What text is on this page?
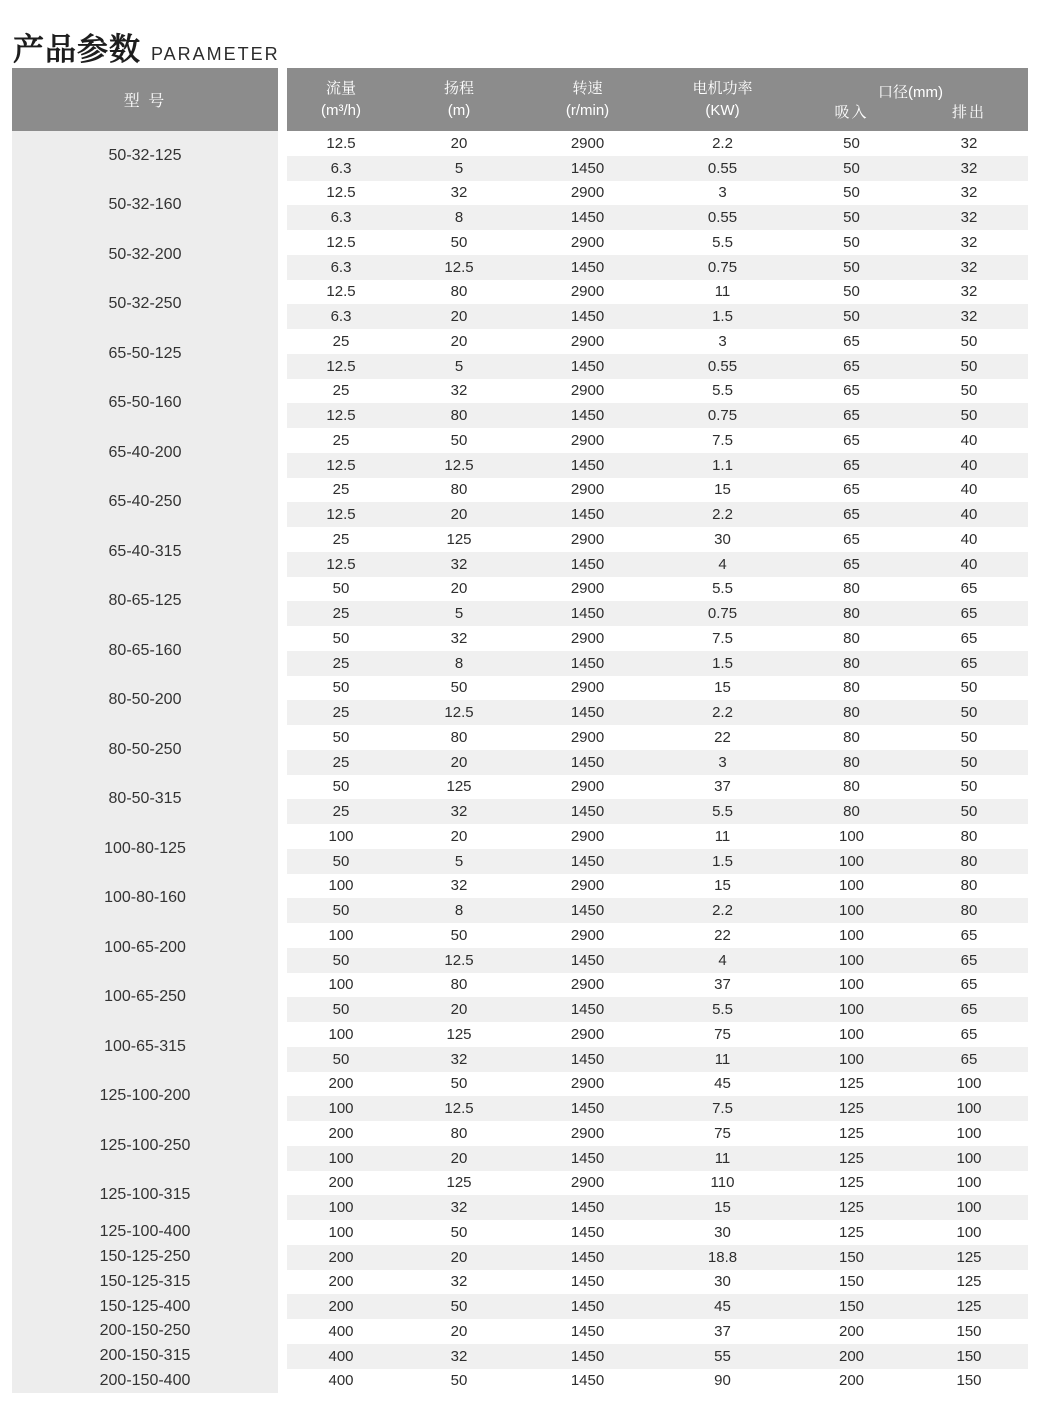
产品参数 PARAMETER
型 号
流量
(m³/h)
扬程
(m)
转速
(r/min)
电机功率
(KW)
口径(mm)
吸入	排出
50-32-125
12.5	20	2900	2.2	50	32
6.3	5	1450	0.55	50	32
50-32-160
12.5	32	2900	3	50	32
6.3	8	1450	0.55	50	32
50-32-200
12.5	50	2900	5.5	50	32
6.3	12.5	1450	0.75	50	32
50-32-250
12.5	80	2900	11	50	32
6.3	20	1450	1.5	50	32
65-50-125
25	20	2900	3	65	50
12.5	5	1450	0.55	65	50
65-50-160
25	32	2900	5.5	65	50
12.5	80	1450	0.75	65	50
65-40-200
25	50	2900	7.5	65	40
12.5	12.5	1450	1.1	65	40
65-40-250
25	80	2900	15	65	40
12.5	20	1450	2.2	65	40
65-40-315
25	125	2900	30	65	40
12.5	32	1450	4	65	40
80-65-125
50	20	2900	5.5	80	65
25	5	1450	0.75	80	65
80-65-160
50	32	2900	7.5	80	65
25	8	1450	1.5	80	65
80-50-200
50	50	2900	15	80	50
25	12.5	1450	2.2	80	50
80-50-250
50	80	2900	22	80	50
25	20	1450	3	80	50
80-50-315
50	125	2900	37	80	50
25	32	1450	5.5	80	50
100-80-125
100	20	2900	11	100	80
50	5	1450	1.5	100	80
100-80-160
100	32	2900	15	100	80
50	8	1450	2.2	100	80
100-65-200
100	50	2900	22	100	65
50	12.5	1450	4	100	65
100-65-250
100	80	2900	37	100	65
50	20	1450	5.5	100	65
100-65-315
100	125	2900	75	100	65
50	32	1450	11	100	65
125-100-200
200	50	2900	45	125	100
100	12.5	1450	7.5	125	100
125-100-250
200	80	2900	75	125	100
100	20	1450	11	125	100
125-100-315
200	125	2900	110	125	100
100	32	1450	15	125	100
125-100-400	100	50	1450	30	125	100
150-125-250	200	20	1450	18.8	150	125
150-125-315	200	32	1450	30	150	125
150-125-400	200	50	1450	45	150	125
200-150-250	400	20	1450	37	200	150
200-150-315	400	32	1450	55	200	150
200-150-400	400	50	1450	90	200	150
